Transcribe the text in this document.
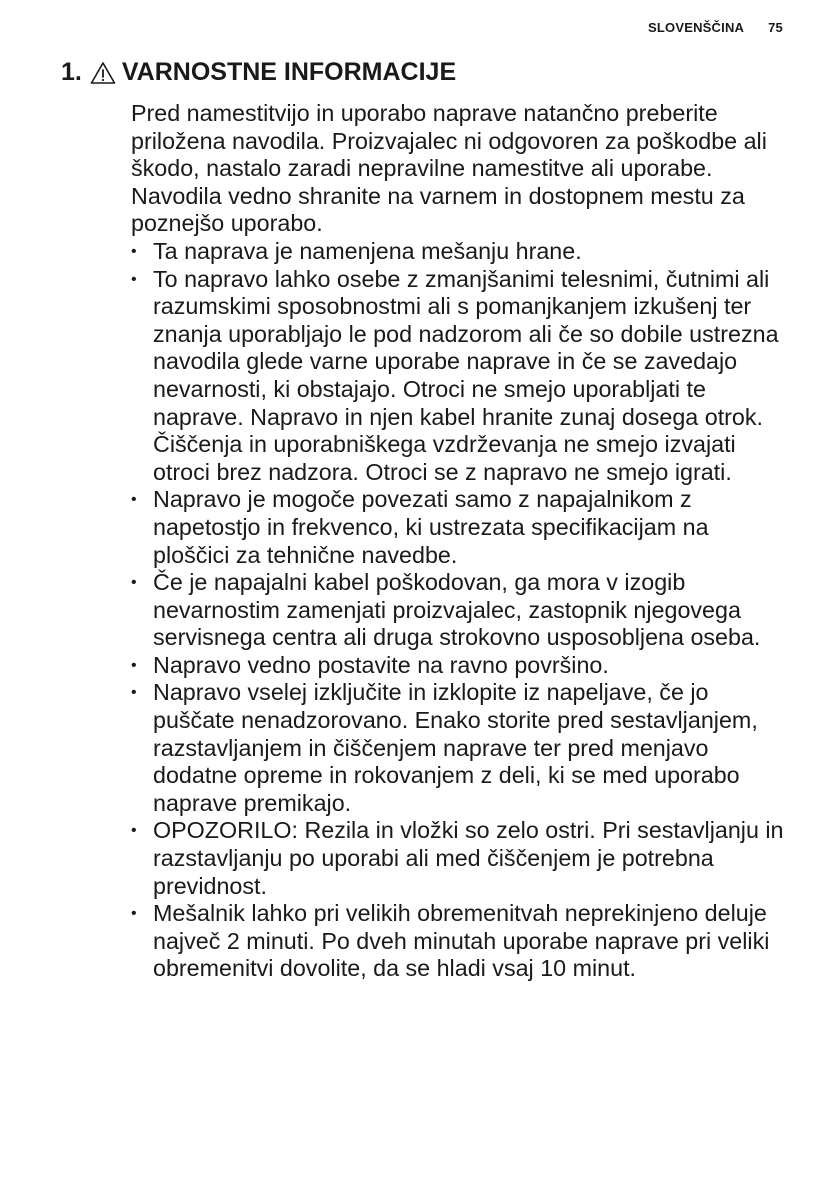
SLOVENŠČINA 75
1. VARNOSTNE INFORMACIJE

Pred namestitvijo in uporabo naprave natančno preberite priložena navodila. Proizvajalec ni odgovoren za poškodbe ali škodo, nastalo zaradi nepravilne namestitve ali uporabe. Navodila vedno shranite na varnem in dostopnem mestu za poznejšo uporabo.

• Ta naprava je namenjena mešanju hrane.
• To napravo lahko osebe z zmanjšanimi telesnimi, čutnimi ali razumskimi sposobnostmi ali s pomanjkanjem izkušenj ter znanja uporabljajo le pod nadzorom ali če so dobile ustrezna navodila glede varne uporabe naprave in če se zavedajo nevarnosti, ki obstajajo. Otroci ne smejo uporabljati te naprave. Napravo in njen kabel hranite zunaj dosega otrok. Čiščenja in uporabniškega vzdrževanja ne smejo izvajati otroci brez nadzora. Otroci se z napravo ne smejo igrati.
• Napravo je mogoče povezati samo z napajalnikom z napetostjo in frekvenco, ki ustrezata specifikacijam na ploščici za tehnične navedbe.
• Če je napajalni kabel poškodovan, ga mora v izogib nevarnostim zamenjati proizvajalec, zastopnik njegovega servisnega centra ali druga strokovno usposobljena oseba.
• Napravo vedno postavite na ravno površino.
• Napravo vselej izključite in izklopite iz napeljave, če jo puščate nenadzorovano. Enako storite pred sestavljanjem, razstavljanjem in čiščenjem naprave ter pred menjavo dodatne opreme in rokovanjem z deli, ki se med uporabo naprave premikajo.
• OPOZORILO: Rezila in vložki so zelo ostri. Pri sestavljanju in razstavljanju po uporabi ali med čiščenjem je potrebna previdnost.
• Mešalnik lahko pri velikih obremenitvah neprekinjeno deluje največ 2 minuti. Po dveh minutah uporabe naprave pri veliki obremenitvi dovolite, da se hladi vsaj 10 minut.
